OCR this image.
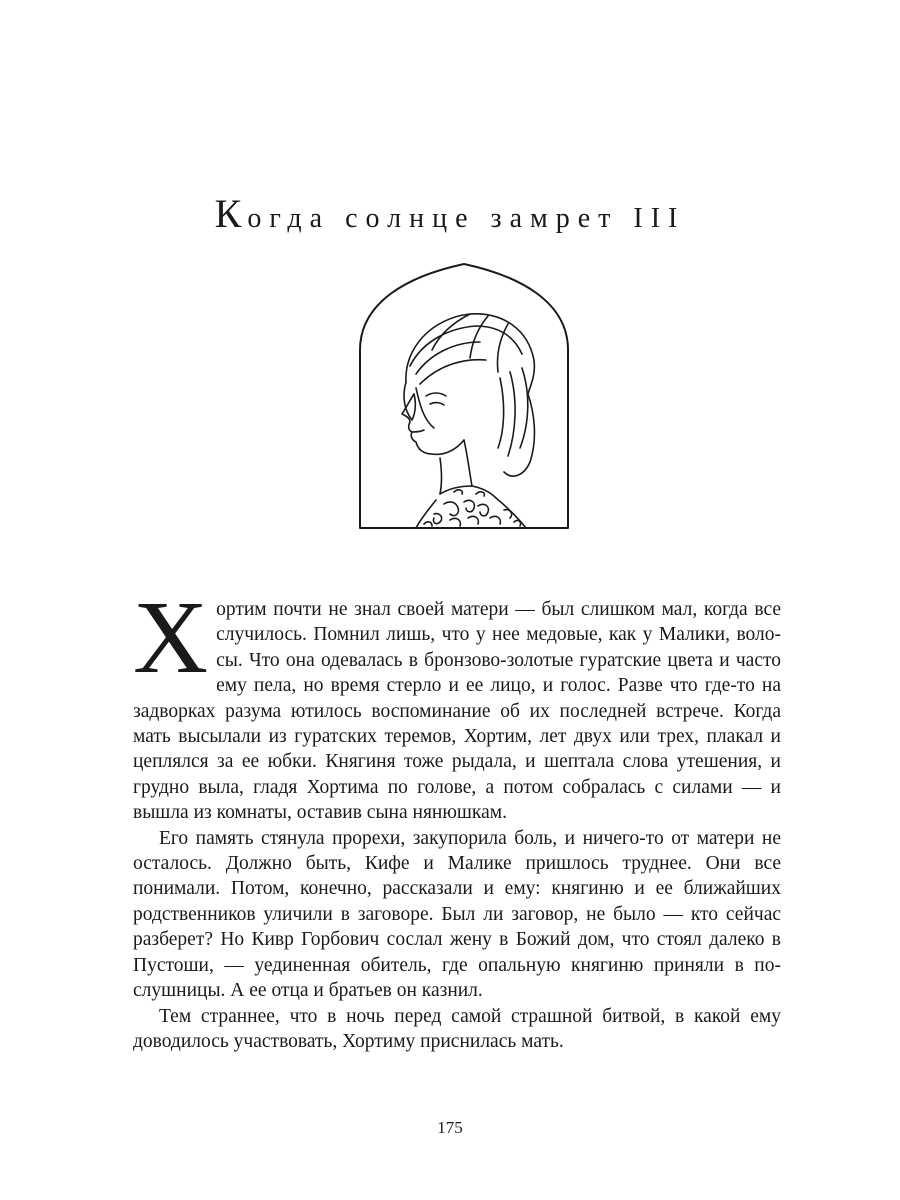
Когда солнце замрет III

Хортим почти не знал своей матери — был слишком мал, когда все случилось. Помнил лишь, что у нее медовые, как у Малики, волосы. Что она одевалась в бронзово-золотые гуратские цвета и часто ему пела, но время стерло и ее лицо, и голос. Разве что где-то на задворках разума ютилось воспоминание об их последней встрече. Когда мать высылали из гуратских теремов, Хортим, лет двух или трех, плакал и цеплялся за ее юбки. Княгиня тоже рыдала, и шептала слова утешения, и грудно выла, гладя Хортима по голове, а потом собралась с силами — и вышла из комнаты, оставив сына нянюшкам.

Его память стянула прорехи, закупорила боль, и ничего-то от матери не осталось. Должно быть, Кифе и Малике пришлось труднее. Они все понимали. Потом, конечно, рассказали и ему: княгиню и ее ближайших родственников уличили в заговоре. Был ли заговор, не было — кто сейчас разберет? Но Кивр Горбович сослал жену в Божий дом, что стоял далеко в Пустоши, — уединенная обитель, где опальную княгиню приняли в послушницы. А ее отца и братьев он казнил.

Тем страннее, что в ночь перед самой страшной битвой, в какой ему доводилось участвовать, Хортиму приснилась мать.

175
